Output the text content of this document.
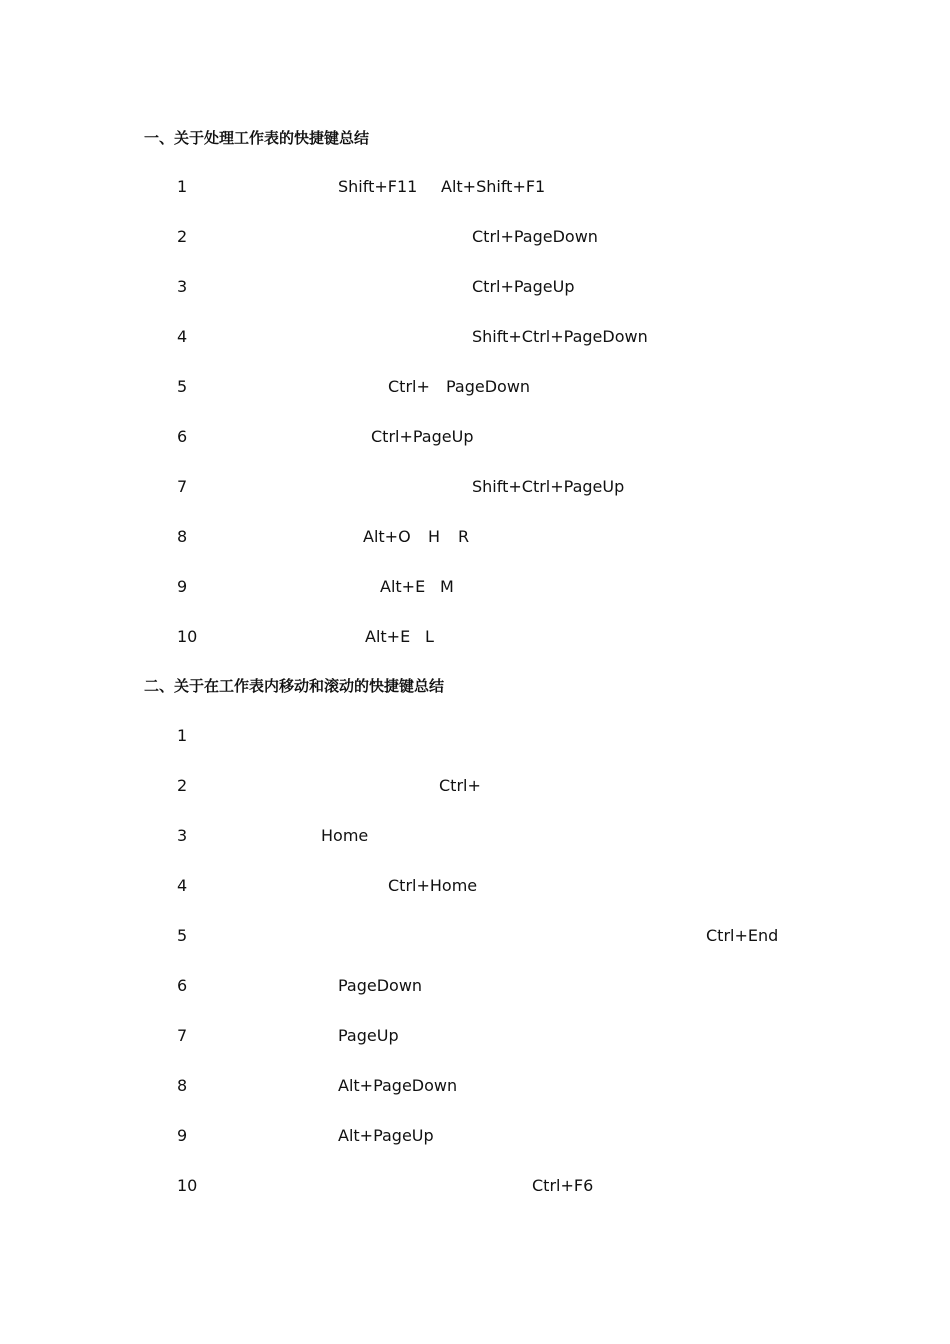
一、关于处理工作表的快捷键总结
1	Shift+F11 Alt+Shift+F1
2	Ctrl+PageDown
3	Ctrl+PageUp
4	Shift+Ctrl+PageDown
5	Ctrl+ PageDown
6	Ctrl+PageUp
7	Shift+Ctrl+PageUp
8	Alt+O H R
9	Alt+E M
10	Alt+E L
二、关于在工作表内移动和滚动的快捷键总结
1
2	Ctrl+
3	Home
4	Ctrl+Home
5	Ctrl+End
6	PageDown
7	PageUp
8	Alt+PageDown
9	Alt+PageUp
10	Ctrl+F6
